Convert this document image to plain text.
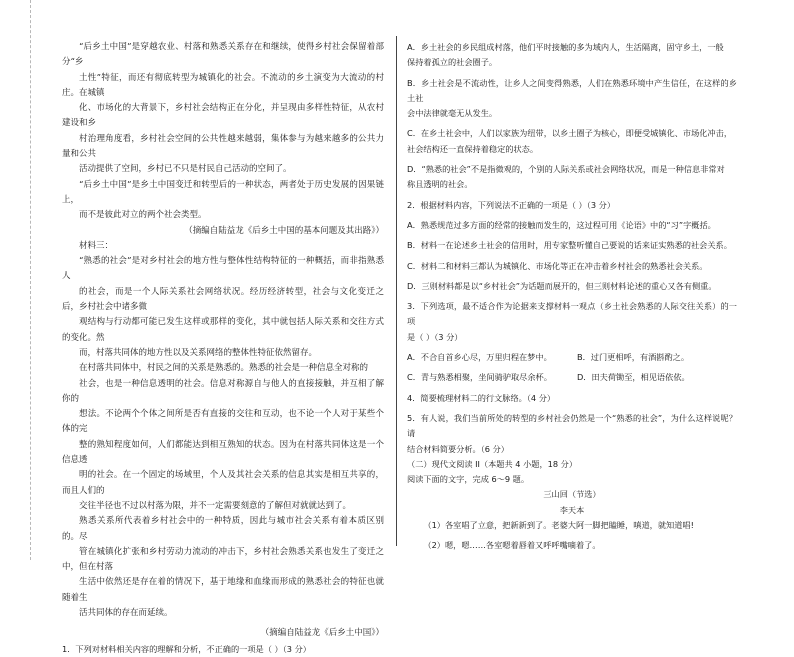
“后乡土中国”是穿越农业、村落和熟悉关系存在和继续，使得乡村社会保留着部分“乡
土性”特征，而还有彻底转型为城镇化的社会。不流动的乡土演变为大流动的村庄。在城镇
化、市场化的大背景下，乡村社会结构正在分化，并呈现由多样性特征，从农村建设和乡
村治理角度看，乡村社会空间的公共性越来越弱，集体参与为越来越多的公共力量和公共
活动提供了空间，乡村已不只是村民自己活动的空间了。
“后乡土中国”是乡土中国变迁和转型后的一种状态，两者处于历史发展的因果链上，
而不是彼此对立的两个社会类型。
（摘编自陆益龙《后乡土中国的基本问题及其出路》）
材料三：
“熟悉的社会”是对乡村社会的地方性与整体性结构特征的一种概括，而非指熟悉人
的社会，而是一个人际关系社会网络状况。经历经济转型，社会与文化变迁之后，乡村社会中诸多微
观结构与行动都可能已发生这样或那样的变化，其中就包括人际关系和交往方式的变化。然
而，村落共同体的地方性以及关系网络的整体性特征依然留存。
在村落共同体中，村民之间的关系是熟悉的。熟悉的社会是一种信息全对称的
社会，也是一种信息透明的社会。信息对称源自与他人的直接接触，并互相了解你的
想法。不论两个个体之间所是否有直接的交往和互动，也不论一个人对于某些个体的完
整的熟知程度如何，人们都能达到相互熟知的状态。因为在村落共同体这是一个信息透
明的社会。在一个固定的场域里，个人及其社会关系的信息其实是相互共享的，而且人们的
交往半径也不过以村落为限，并不一定需要刻意的了解但对就就达到了。
熟悉关系所代表着乡村社会中的一种特质，因此与城市社会关系有着本质区别的。尽
管在城镇化扩张和乡村劳动力流动的冲击下，乡村社会熟悉关系也发生了变迁之中，但在村落
生活中依然还是存在着的情况下，基于地缘和血缘而形成的熟悉社会的特征也就随着生
活共同体的存在而延续。
（摘编自陆益龙《后乡土中国》）
1．下列对材料相关内容的理解和分析，不正确的一项是（ ）（3 分）
A．乡土社会的乡民组成村落，他们平时接触的多为域内人，生活隔离，固守乡土，一般
保持着孤立的社会圈子。
B．乡土社会是不流动性，让乡人之间变得熟悉，人们在熟悉环境中产生信任，在这样的乡土社
会中法律就毫无从发生。
C．在乡土社会中，人们以家族为纽带，以乡土圈子为核心，即便受城镇化、市场化冲击，
社会结构还一直保持着稳定的状态。
D．“熟悉的社会”不是指微观的，个别的人际关系或社会网络状况，而是一种信息非常对
称且透明的社会。
2．根据材料内容，下列说法不正确的一项是（ ）（3 分）
A．熟悉规范过多方面的经常的接触而发生的，这过程可用《论语》中的“习”字概括。
B．材料一在论述乡土社会的信用时，用专家整听懂自己要说的话来证实熟悉的社会关系。
C．材料二和材料三都认为城镇化、市场化等正在冲击着乡村社会的熟悉社会关系。
D．三则材料都是以“乡村社会”为话题而展开的，但三则材料论述的重心又各有侧重。
3．下列选项，最不适合作为论据来支撑材料一观点（乡土社会熟悉的人际交往关系）的一项
是（ ）（3 分）
A．不合自首乡心尽，万里归程在梦中。	B．过门更相呼，有酒斟酌之。
C．青与熟悉相聚，坐间骑驴取尽余杯。	D．田夫荷锄至，相见语依依。
4．简要梳理材料二的行文脉络。（4 分）
5．有人说，我们当前所处的转型的乡村社会仍然是一个“熟悉的社会”，为什么这样说呢？请
结合材料简要分析。（6 分）
（二）现代文阅读 II（本题共 4 小题，18 分）
阅读下面的文字，完成 6～9 题。
三山回（节选）
李天本
（1）各室唱了立意，把新新到了。老婆大阿一脚把瞌睡，嗔道，就知道唱!
（2）嗯，嗯……各室嗯着唇着又呼呼嘴嘀着了。
